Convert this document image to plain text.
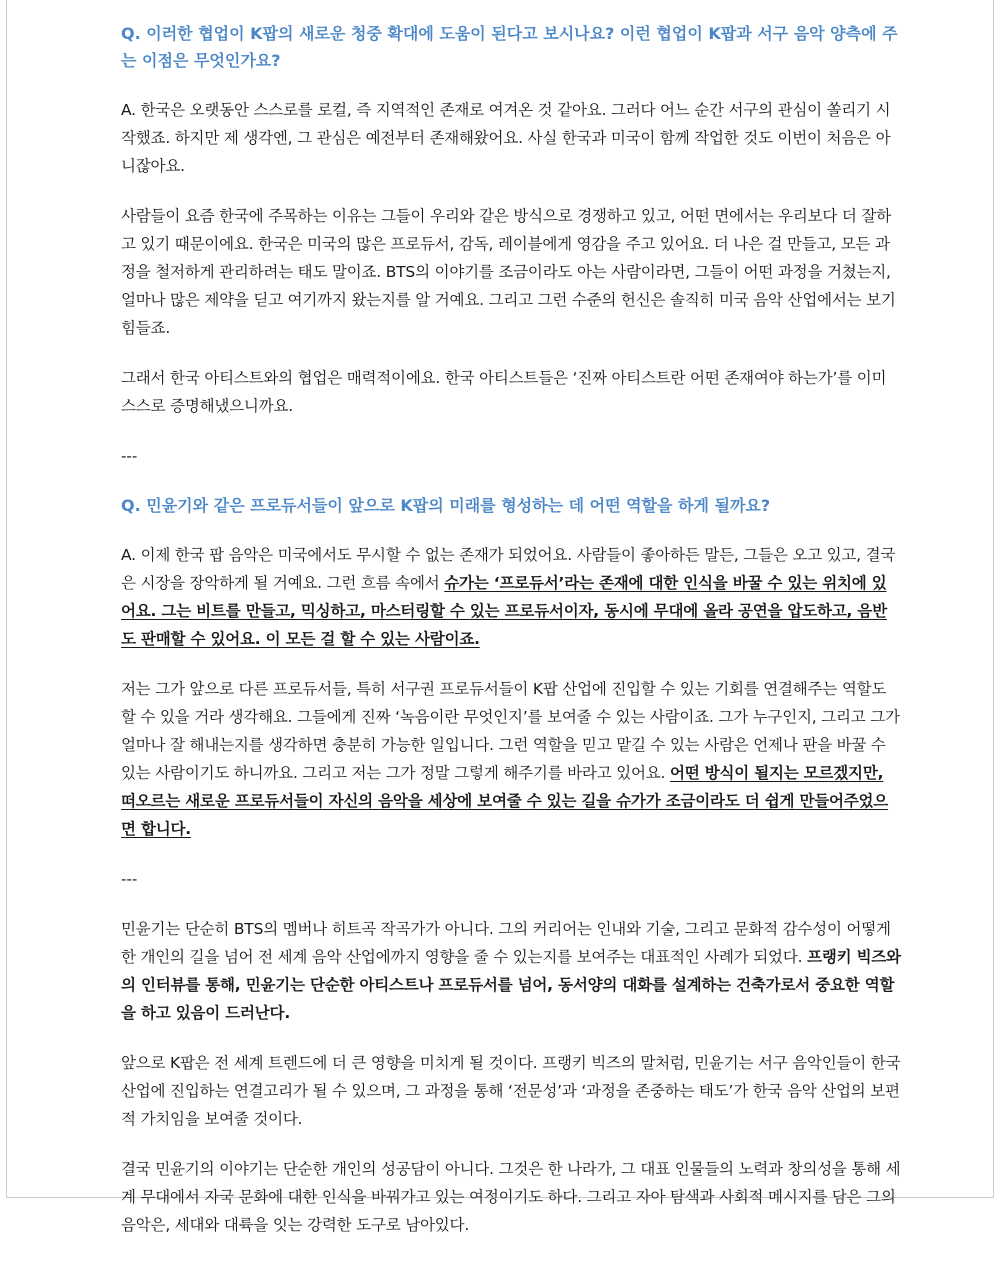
Q. 이러한 협업이 K팝의 새로운 청중 확대에 도움이 된다고 보시나요? 이런 협업이 K팝과 서구 음악 양측에 주는 이점은 무엇인가요?
A. 한국은 오랫동안 스스로를 로컬, 즉 지역적인 존재로 여겨온 것 같아요. 그러다 어느 순간 서구의 관심이 쏠리기 시작했죠. 하지만 제 생각엔, 그 관심은 예전부터 존재해왔어요. 사실 한국과 미국이 함께 작업한 것도 이번이 처음은 아니잖아요.
사람들이 요즘 한국에 주목하는 이유는 그들이 우리와 같은 방식으로 경쟁하고 있고, 어떤 면에서는 우리보다 더 잘하고 있기 때문이에요. 한국은 미국의 많은 프로듀서, 감독, 레이블에게 영감을 주고 있어요. 더 나은 걸 만들고, 모든 과정을 철저하게 관리하려는 태도 말이죠. BTS의 이야기를 조금이라도 아는 사람이라면, 그들이 어떤 과정을 거쳤는지, 얼마나 많은 제약을 딛고 여기까지 왔는지를 알 거예요. 그리고 그런 수준의 헌신은 솔직히 미국 음악 산업에서는 보기 힘들죠.
그래서 한국 아티스트와의 협업은 매력적이에요. 한국 아티스트들은 ‘진짜 아티스트란 어떤 존재여야 하는가’를 이미 스스로 증명해냈으니까요.
---
Q. 민윤기와 같은 프로듀서들이 앞으로 K팝의 미래를 형성하는 데 어떤 역할을 하게 될까요?
A. 이제 한국 팝 음악은 미국에서도 무시할 수 없는 존재가 되었어요. 사람들이 좋아하든 말든, 그들은 오고 있고, 결국은 시장을 장악하게 될 거예요. 그런 흐름 속에서 슈가는 ‘프로듀서’라는 존재에 대한 인식을 바꿀 수 있는 위치에 있어요. 그는 비트를 만들고, 믹싱하고, 마스터링할 수 있는 프로듀서이자, 동시에 무대에 올라 공연을 압도하고, 음반도 판매할 수 있어요. 이 모든 걸 할 수 있는 사람이죠.
저는 그가 앞으로 다른 프로듀서들, 특히 서구권 프로듀서들이 K팝 산업에 진입할 수 있는 기회를 연결해주는 역할도 할 수 있을 거라 생각해요. 그들에게 진짜 ‘녹음이란 무엇인지’를 보여줄 수 있는 사람이죠. 그가 누구인지, 그리고 그가 얼마나 잘 해내는지를 생각하면 충분히 가능한 일입니다. 그런 역할을 믿고 맡길 수 있는 사람은 언제나 판을 바꿀 수 있는 사람이기도 하니까요. 그리고 저는 그가 정말 그렇게 해주기를 바라고 있어요. 어떤 방식이 될지는 모르겠지만, 떠오르는 새로운 프로듀서들이 자신의 음악을 세상에 보여줄 수 있는 길을 슈가가 조금이라도 더 쉽게 만들어주었으면 합니다.
---
민윤기는 단순히 BTS의 멤버나 히트곡 작곡가가 아니다. 그의 커리어는 인내와 기술, 그리고 문화적 감수성이 어떻게 한 개인의 길을 넘어 전 세계 음악 산업에까지 영향을 줄 수 있는지를 보여주는 대표적인 사례가 되었다. 프랭키 빅즈와의 인터뷰를 통해, 민윤기는 단순한 아티스트나 프로듀서를 넘어, 동서양의 대화를 설계하는 건축가로서 중요한 역할을 하고 있음이 드러난다.
앞으로 K팝은 전 세계 트렌드에 더 큰 영향을 미치게 될 것이다. 프랭키 빅즈의 말처럼, 민윤기는 서구 음악인들이 한국 산업에 진입하는 연결고리가 될 수 있으며, 그 과정을 통해 ‘전문성’과 ‘과정을 존중하는 태도’가 한국 음악 산업의 보편적 가치임을 보여줄 것이다.
결국 민윤기의 이야기는 단순한 개인의 성공담이 아니다. 그것은 한 나라가, 그 대표 인물들의 노력과 창의성을 통해 세계 무대에서 자국 문화에 대한 인식을 바꿔가고 있는 여정이기도 하다. 그리고 자아 탐색과 사회적 메시지를 담은 그의 음악은, 세대와 대륙을 잇는 강력한 도구로 남아있다.
